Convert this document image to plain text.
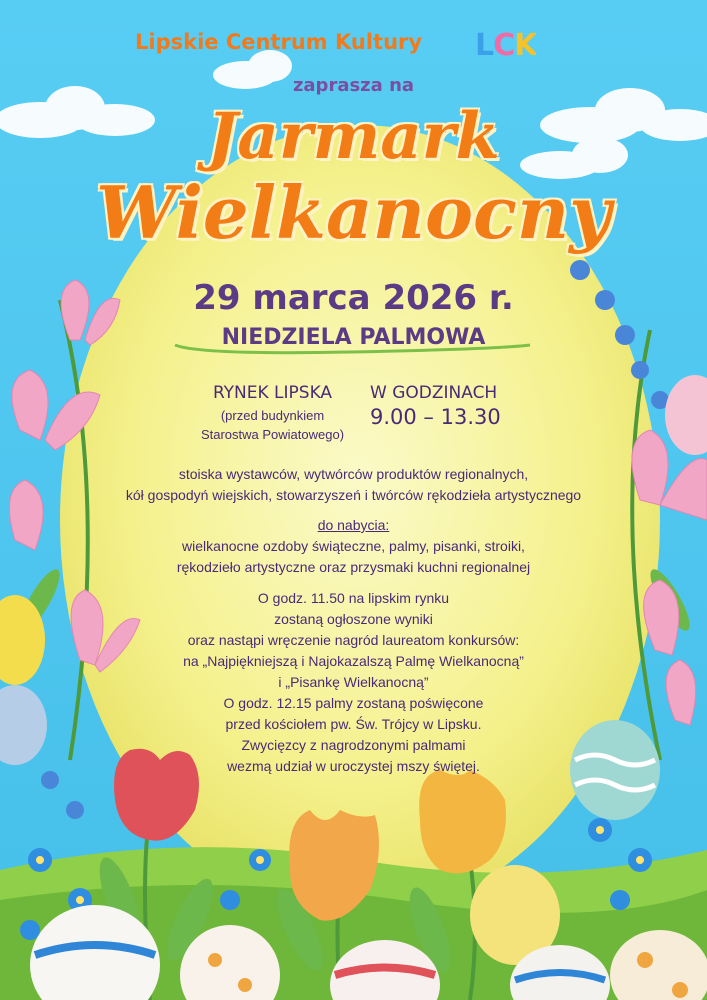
Lipskie Centrum Kultury	LCK
zaprasza na
Jarmark
Wielkanocny
29 marca 2026 r.
NIEDZIELA PALMOWA
RYNEK LIPSKA
(przed budynkiem
Starostwa Powiatowego)
W GODZINACH
9.00 – 13.30
stoiska wystawców, wytwórców produktów regionalnych,
kół gospodyń wiejskich, stowarzyszeń i twórców rękodzieła artystycznego
do nabycia:
wielkanocne ozdoby świąteczne, palmy, pisanki, stroiki,
rękodzieło artystyczne oraz przysmaki kuchni regionalnej
O godz. 11.50 na lipskim rynku
zostaną ogłoszone wyniki
oraz nastąpi wręczenie nagród laureatom konkursów:
na „Najpiękniejszą i Najokazalszą Palmę Wielkanocną”
i „Pisankę Wielkanocną”
O godz. 12.15 palmy zostaną poświęcone
przed kościołem pw. Św. Trójcy w Lipsku.
Zwycięzcy z nagrodzonymi palmami
wezmą udział w uroczystej mszy świętej.
